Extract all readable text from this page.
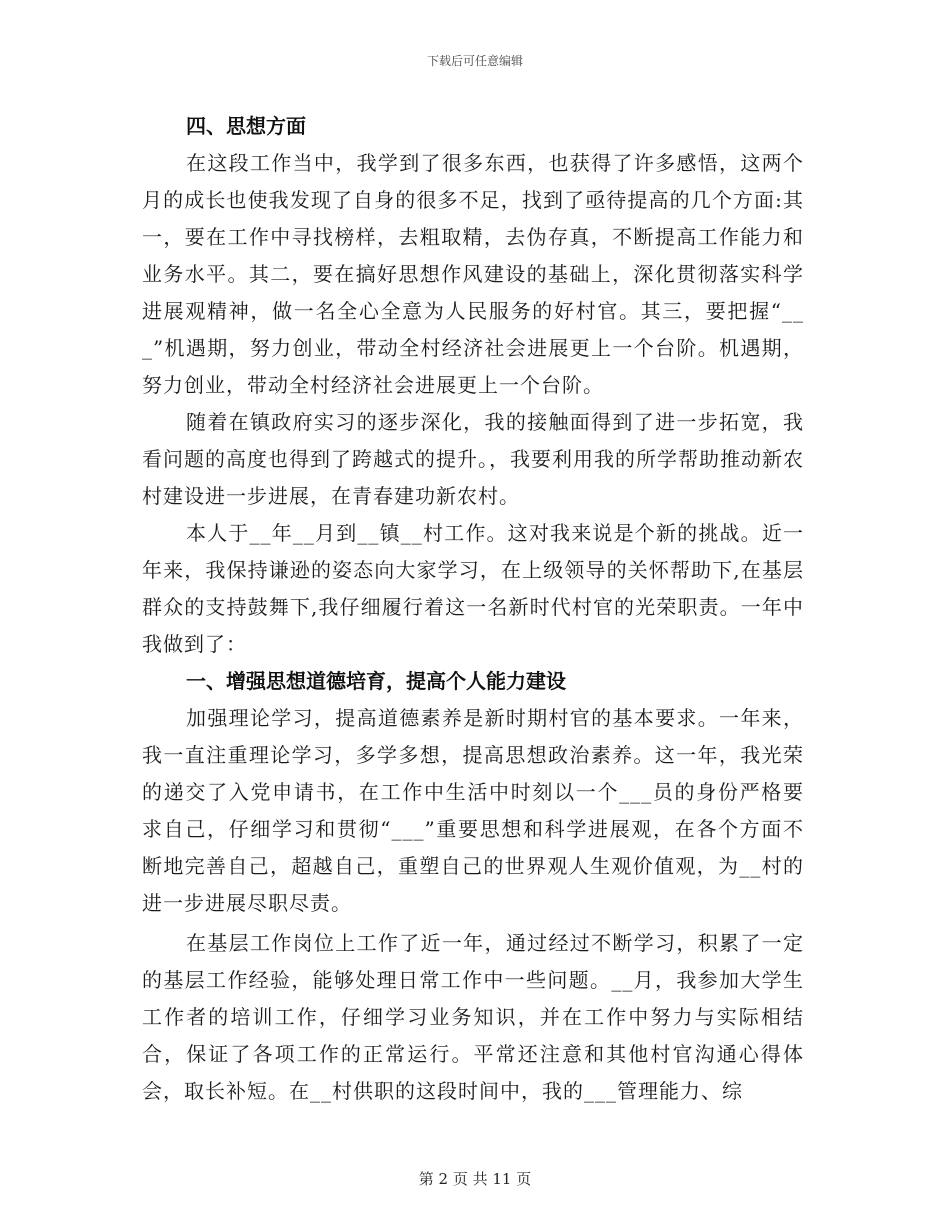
下载后可任意编辑

四、思想方面

在这段工作当中，我学到了很多东西，也获得了许多感悟，这两个月的成长也使我发现了自身的很多不足，找到了亟待提高的几个方面:其一，要在工作中寻找榜样，去粗取精，去伪存真，不断提高工作能力和业务水平。其二，要在搞好思想作风建设的基础上，深化贯彻落实科学进展观精神，做一名全心全意为人民服务的好村官。其三，要把握“___”机遇期，努力创业，带动全村经济社会进展更上一个台阶。机遇期，努力创业，带动全村经济社会进展更上一个台阶。

随着在镇政府实习的逐步深化，我的接触面得到了进一步拓宽，我看问题的高度也得到了跨越式的提升。，我要利用我的所学帮助推动新农村建设进一步进展，在青春建功新农村。

本人于__年__月到__镇__村工作。这对我来说是个新的挑战。近一年来，我保持谦逊的姿态向大家学习，在上级领导的关怀帮助下,在基层群众的支持鼓舞下,我仔细履行着这一名新时代村官的光荣职责。一年中我做到了：

一、增强思想道德培育，提高个人能力建设

加强理论学习，提高道德素养是新时期村官的基本要求。一年来，我一直注重理论学习，多学多想，提高思想政治素养。这一年，我光荣的递交了入党申请书，在工作中生活中时刻以一个___员的身份严格要求自己，仔细学习和贯彻“___”重要思想和科学进展观，在各个方面不断地完善自己，超越自己，重塑自己的世界观人生观价值观，为__村的进一步进展尽职尽责。

在基层工作岗位上工作了近一年，通过经过不断学习，积累了一定的基层工作经验，能够处理日常工作中一些问题。__月，我参加大学生工作者的培训工作，仔细学习业务知识，并在工作中努力与实际相结合，保证了各项工作的正常运行。平常还注意和其他村官沟通心得体会，取长补短。在__村供职的这段时间中，我的___管理能力、综

第 2 页 共 11 页
